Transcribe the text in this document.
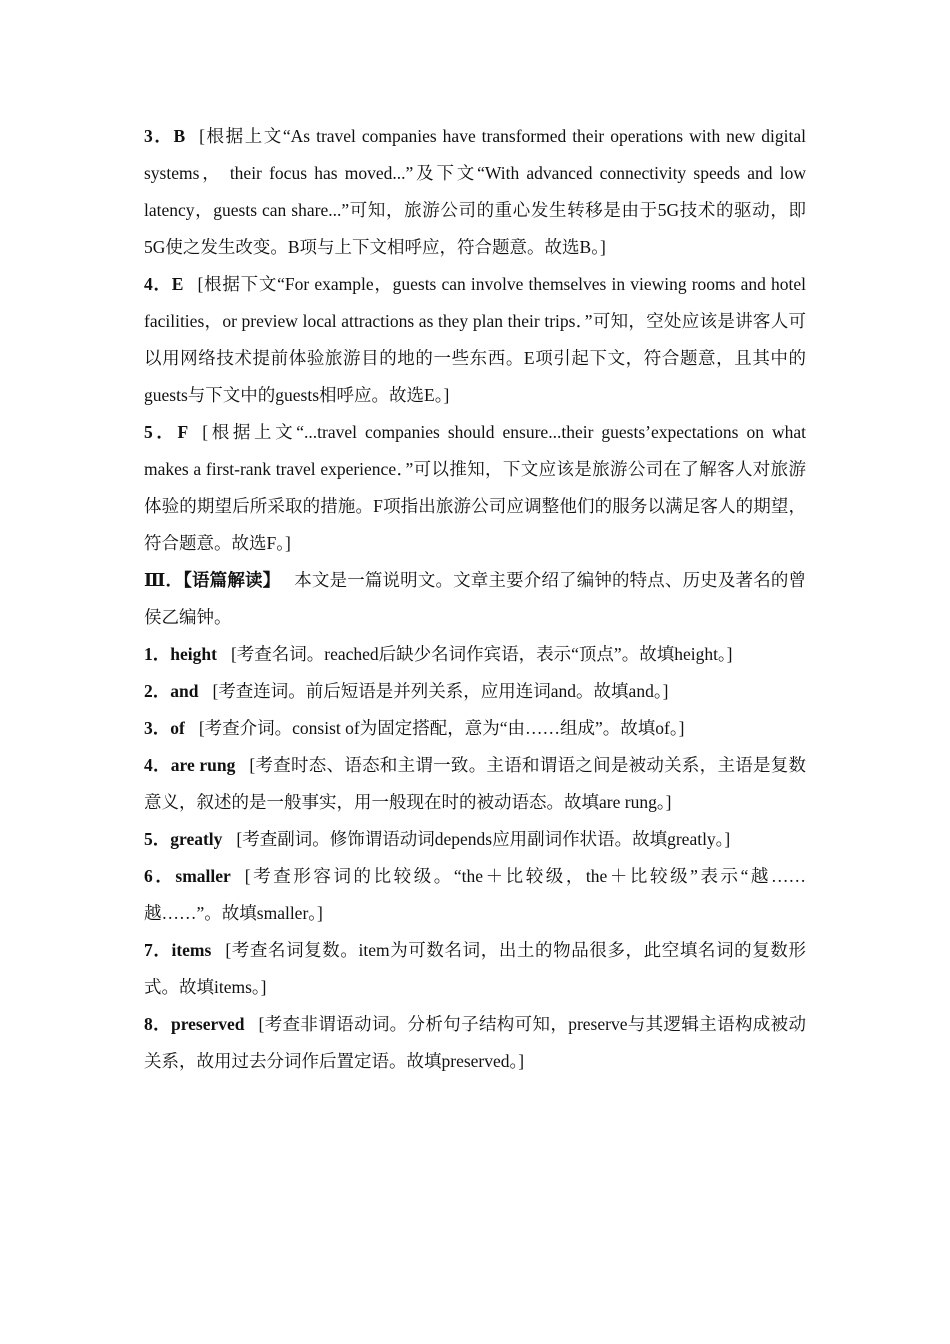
3．B [根据上文“As travel companies have transformed their operations with new digital systems， their focus has moved...”及下文“With advanced connectivity speeds and low latency，guests can share...”可知，旅游公司的重心发生转移是由于5G技术的驱动，即5G使之发生改变。B项与上下文相呼应，符合题意。故选B。]

4．E [根据下文“For example，guests can involve themselves in viewing rooms and hotel facilities，or preview local attractions as they plan their trips．”可知，空处应该是讲客人可以用网络技术提前体验旅游目的地的一些东西。E项引起下文，符合题意，且其中的guests与下文中的guests相呼应。故选E。]

5．F [根据上文“...travel companies should ensure...their guests’expectations on what makes a first-rank travel experience．”可以推知，下文应该是旅游公司在了解客人对旅游体验的期望后所采取的措施。F项指出旅游公司应调整他们的服务以满足客人的期望，符合题意。故选F。]

Ⅲ．【语篇解读】 本文是一篇说明文。文章主要介绍了编钟的特点、历史及著名的曾侯乙编钟。

1．height [考查名词。reached后缺少名词作宾语，表示“顶点”。故填height。]

2．and [考查连词。前后短语是并列关系，应用连词and。故填and。]

3．of [考查介词。consist of为固定搭配，意为“由……组成”。故填of。]

4．are rung [考查时态、语态和主谓一致。主语和谓语之间是被动关系，主语是复数意义，叙述的是一般事实，用一般现在时的被动语态。故填are rung。]

5．greatly [考查副词。修饰谓语动词depends应用副词作状语。故填greatly。]

6．smaller [考查形容词的比较级。“the＋比较级，the＋比较级”表示“越……越……”。故填smaller。]

7．items [考查名词复数。item为可数名词，出土的物品很多，此空填名词的复数形式。故填items。]

8．preserved [考查非谓语动词。分析句子结构可知，preserve与其逻辑主语构成被动关系，故用过去分词作后置定语。故填preserved。]
